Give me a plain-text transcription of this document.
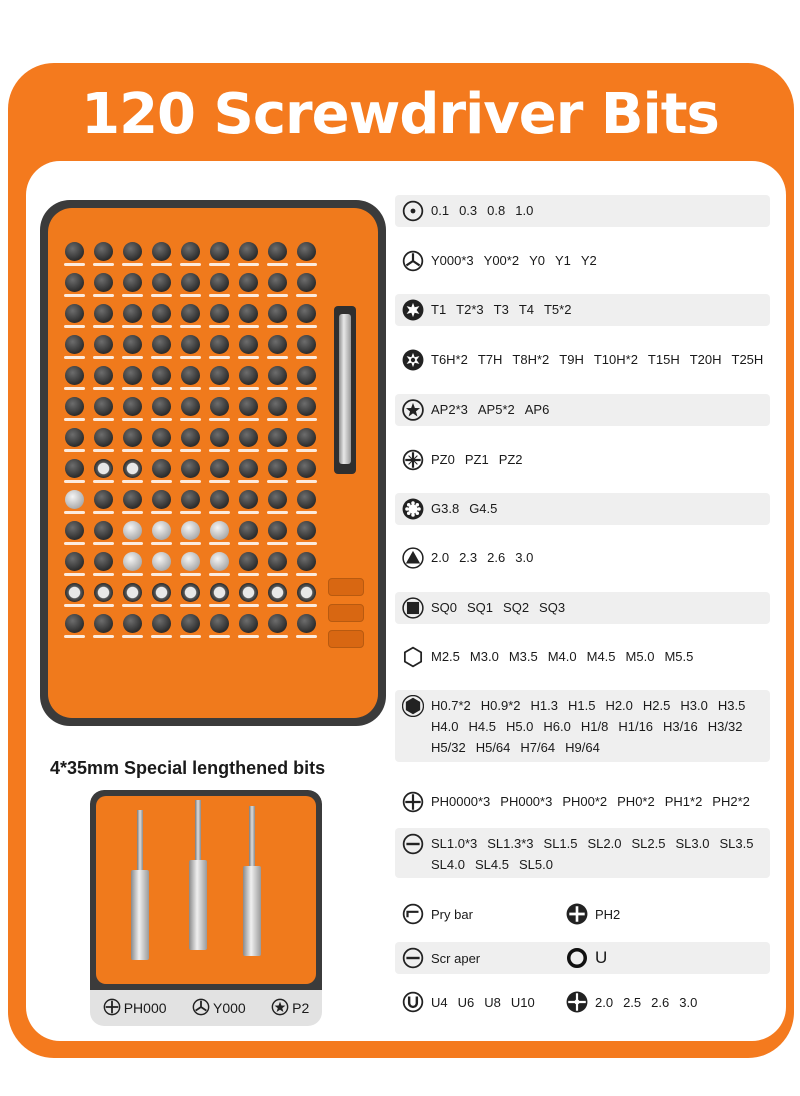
120 Screwdriver Bits
4*35mm Special lengthened bits
PH000	Y000	P2
0.1 0.3 0.8 1.0
Y000*3 Y00*2 Y0 Y1 Y2
T1 T2*3 T3 T4 T5*2
T6H*2 T7H T8H*2 T9H T10H*2 T15H T20H T25H
AP2*3 AP5*2 AP6
PZ0 PZ1 PZ2
G3.8 G4.5
2.0 2.3 2.6 3.0
SQ0 SQ1 SQ2 SQ3
M2.5 M3.0 M3.5 M4.0 M4.5 M5.0 M5.5
H0.7*2 H0.9*2 H1.3 H1.5 H2.0 H2.5 H3.0 H3.5
H4.0 H4.5 H5.0 H6.0 H1/8 H1/16 H3/16 H3/32
H5/32 H5/64 H7/64 H9/64
PH0000*3 PH000*3 PH00*2 PH0*2 PH1*2 PH2*2
SL1.0*3 SL1.3*3 SL1.5 SL2.0 SL2.5 SL3.0 SL3.5
SL4.0 SL4.5 SL5.0
Pry bar	PH2
Scr aper	U
U4 U6 U8 U10	2.0 2.5 2.6 3.0
